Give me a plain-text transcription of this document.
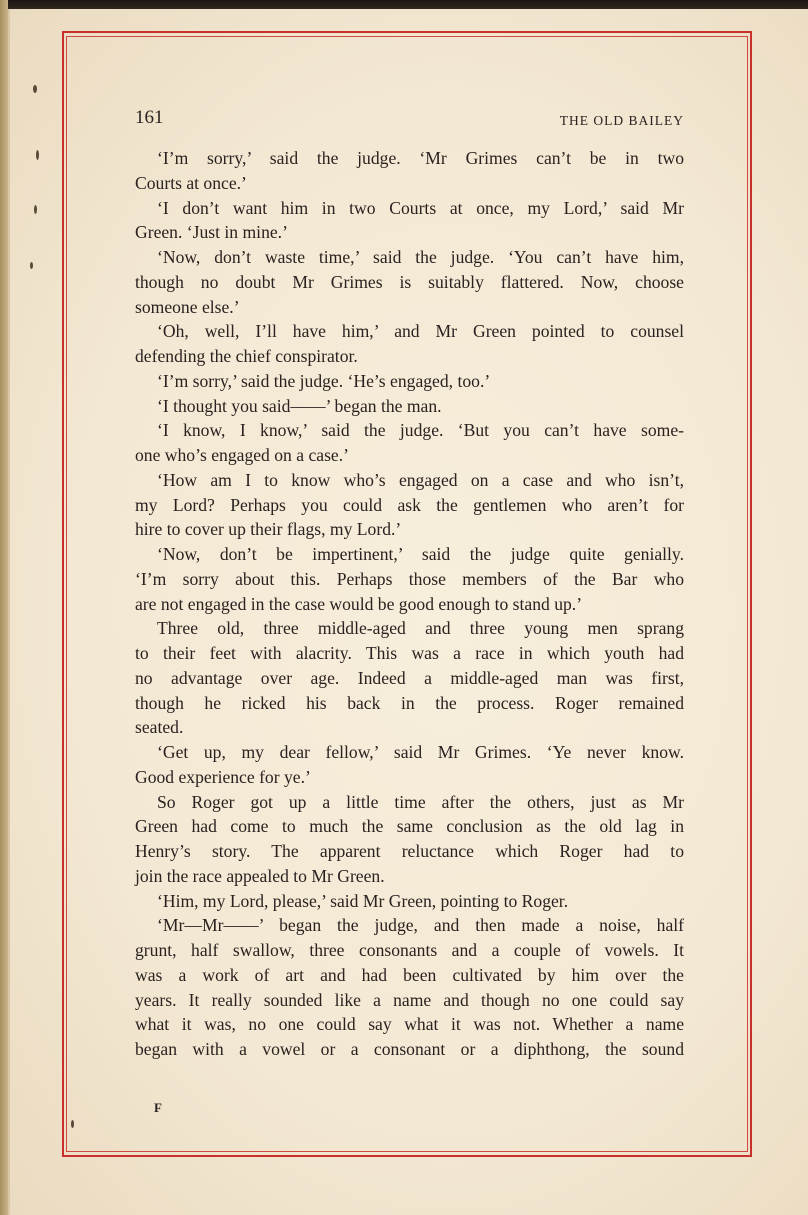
161	THE OLD BAILEY
‘I’m sorry,’ said the judge. ‘Mr Grimes can’t be in two
Courts at once.’
‘I don’t want him in two Courts at once, my Lord,’ said Mr
Green. ‘Just in mine.’
‘Now, don’t waste time,’ said the judge. ‘You can’t have him,
though no doubt Mr Grimes is suitably flattered. Now, choose
someone else.’
‘Oh, well, I’ll have him,’ and Mr Green pointed to counsel
defending the chief conspirator.
‘I’m sorry,’ said the judge. ‘He’s engaged, too.’
‘I thought you said——’ began the man.
‘I know, I know,’ said the judge. ‘But you can’t have some-
one who’s engaged on a case.’
‘How am I to know who’s engaged on a case and who isn’t,
my Lord? Perhaps you could ask the gentlemen who aren’t for
hire to cover up their flags, my Lord.’
‘Now, don’t be impertinent,’ said the judge quite genially.
‘I’m sorry about this. Perhaps those members of the Bar who
are not engaged in the case would be good enough to stand up.’
Three old, three middle-aged and three young men sprang
to their feet with alacrity. This was a race in which youth had
no advantage over age. Indeed a middle-aged man was first,
though he ricked his back in the process. Roger remained
seated.
‘Get up, my dear fellow,’ said Mr Grimes. ‘Ye never know.
Good experience for ye.’
So Roger got up a little time after the others, just as Mr
Green had come to much the same conclusion as the old lag in
Henry’s story. The apparent reluctance which Roger had to
join the race appealed to Mr Green.
‘Him, my Lord, please,’ said Mr Green, pointing to Roger.
‘Mr—Mr——’ began the judge, and then made a noise, half
grunt, half swallow, three consonants and a couple of vowels. It
was a work of art and had been cultivated by him over the
years. It really sounded like a name and though no one could say
what it was, no one could say what it was not. Whether a name
began with a vowel or a consonant or a diphthong, the sound
F
